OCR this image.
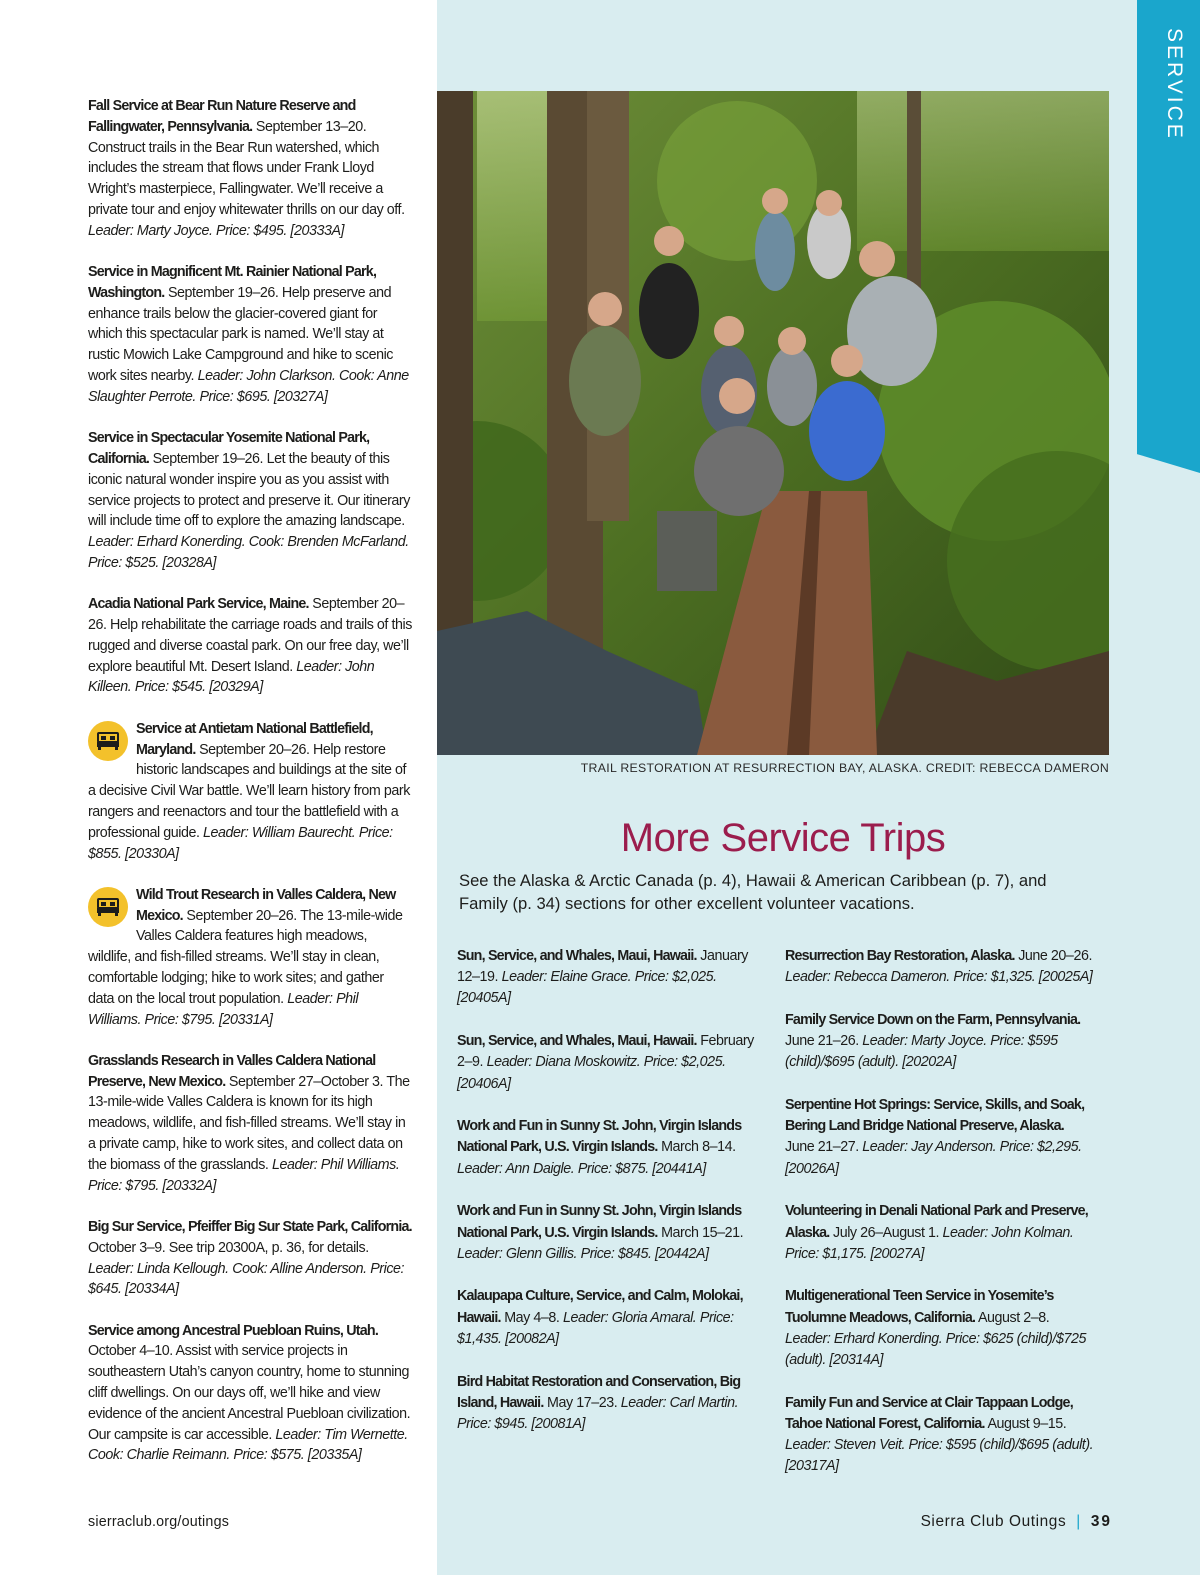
SERVICE

Fall Service at Bear Run Nature Reserve and Fallingwater, Pennsylvania. September 13–20. Construct trails in the Bear Run watershed, which includes the stream that flows under Frank Lloyd Wright’s masterpiece, Fallingwater. We’ll receive a private tour and enjoy whitewater thrills on our day off. Leader: Marty Joyce. Price: $495. [20333A]

Service in Magnificent Mt. Rainier National Park, Washington. September 19–26. Help preserve and enhance trails below the glacier-covered giant for which this spectacular park is named. We’ll stay at rustic Mowich Lake Campground and hike to scenic work sites nearby. Leader: John Clarkson. Cook: Anne Slaughter Perrote. Price: $695. [20327A]

Service in Spectacular Yosemite National Park, California. September 19–26. Let the beauty of this iconic natural wonder inspire you as you assist with service projects to protect and preserve it. Our itinerary will include time off to explore the amazing landscape. Leader: Erhard Konerding. Cook: Brenden McFarland. Price: $525. [20328A]

Acadia National Park Service, Maine. September 20–26. Help rehabilitate the carriage roads and trails of this rugged and diverse coastal park. On our free day, we’ll explore beautiful Mt. Desert Island. Leader: John Killeen. Price: $545. [20329A]

Service at Antietam National Battlefield, Maryland. September 20–26. Help restore historic landscapes and buildings at the site of a decisive Civil War battle. We’ll learn history from park rangers and reenactors and tour the battlefield with a professional guide. Leader: William Baurecht. Price: $855. [20330A]

Wild Trout Research in Valles Caldera, New Mexico. September 20–26. The 13-mile-wide Valles Caldera features high meadows, wildlife, and fish-filled streams. We’ll stay in clean, comfortable lodging; hike to work sites; and gather data on the local trout population. Leader: Phil Williams. Price: $795. [20331A]

Grasslands Research in Valles Caldera National Preserve, New Mexico. September 27–October 3. The 13-mile-wide Valles Caldera is known for its high meadows, wildlife, and fish-filled streams. We’ll stay in a private camp, hike to work sites, and collect data on the biomass of the grasslands. Leader: Phil Williams. Price: $795. [20332A]

Big Sur Service, Pfeiffer Big Sur State Park, California. October 3–9. See trip 20300A, p. 36, for details. Leader: Linda Kellough. Cook: Alline Anderson. Price: $645. [20334A]

Service among Ancestral Puebloan Ruins, Utah. October 4–10. Assist with service projects in southeastern Utah’s canyon country, home to stunning cliff dwellings. On our days off, we’ll hike and view evidence of the ancient Ancestral Puebloan civilization. Our campsite is car accessible. Leader: Tim Wernette. Cook: Charlie Reimann. Price: $575. [20335A]

TRAIL RESTORATION AT RESURRECTION BAY, ALASKA. CREDIT: REBECCA DAMERON
More Service Trips
See the Alaska & Arctic Canada (p. 4), Hawaii & American Caribbean (p. 7), and Family (p. 34) sections for other excellent volunteer vacations.

Sun, Service, and Whales, Maui, Hawaii. January 12–19. Leader: Elaine Grace. Price: $2,025. [20405A]

Sun, Service, and Whales, Maui, Hawaii. February 2–9. Leader: Diana Moskowitz. Price: $2,025. [20406A]

Work and Fun in Sunny St. John, Virgin Islands National Park, U.S. Virgin Islands. March 8–14. Leader: Ann Daigle. Price: $875. [20441A]

Work and Fun in Sunny St. John, Virgin Islands National Park, U.S. Virgin Islands. March 15–21. Leader: Glenn Gillis. Price: $845. [20442A]

Kalaupapa Culture, Service, and Calm, Molokai, Hawaii. May 4–8. Leader: Gloria Amaral. Price: $1,435. [20082A]

Bird Habitat Restoration and Conservation, Big Island, Hawaii. May 17–23. Leader: Carl Martin. Price: $945. [20081A]

Resurrection Bay Restoration, Alaska. June 20–26. Leader: Rebecca Dameron. Price: $1,325. [20025A]

Family Service Down on the Farm, Pennsylvania. June 21–26. Leader: Marty Joyce. Price: $595 (child)/$695 (adult). [20202A]

Serpentine Hot Springs: Service, Skills, and Soak, Bering Land Bridge National Preserve, Alaska. June 21–27. Leader: Jay Anderson. Price: $2,295. [20026A]

Volunteering in Denali National Park and Preserve, Alaska. July 26–August 1. Leader: John Kolman. Price: $1,175. [20027A]

Multigenerational Teen Service in Yosemite’s Tuolumne Meadows, California. August 2–8. Leader: Erhard Konerding. Price: $625 (child)/$725 (adult). [20314A]

Family Fun and Service at Clair Tappaan Lodge, Tahoe National Forest, California. August 9–15. Leader: Steven Veit. Price: $595 (child)/$695 (adult). [20317A]

sierraclub.org/outings	Sierra Club Outings | 39
